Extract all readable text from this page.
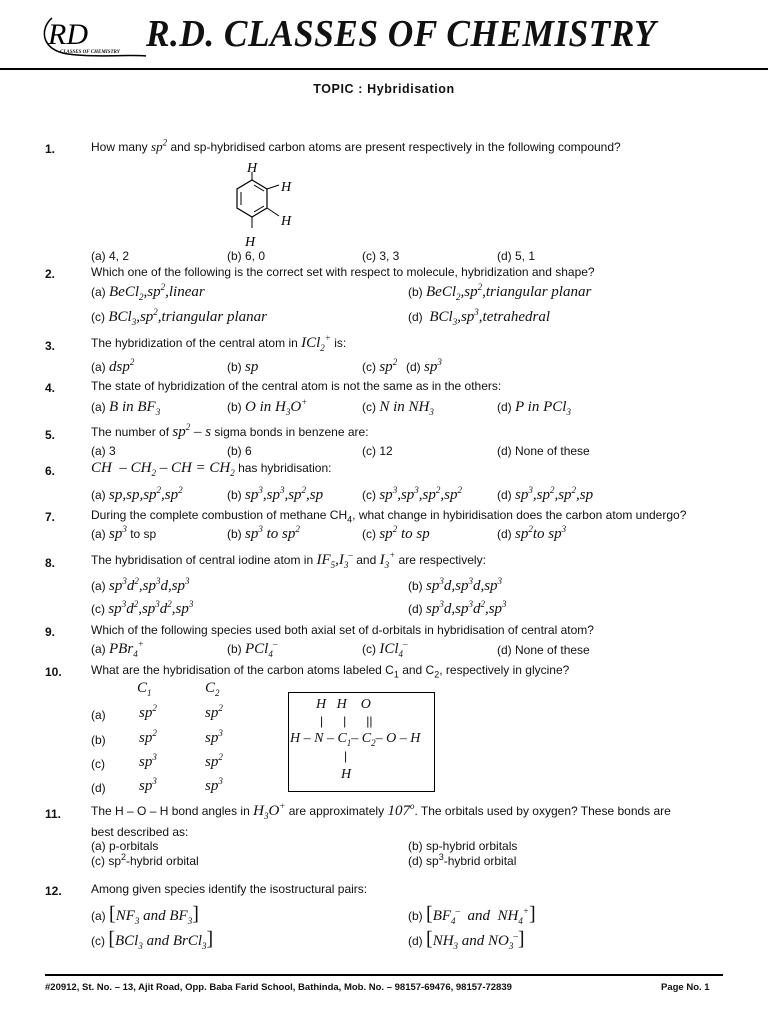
RD
CLASSES OF CHEMISTRY R.D. CLASSES OF CHEMISTRY
TOPIC : Hybridisation
1.	How many $sp^2$ and sp-hybridised carbon atoms are present respectively in the following compound?
H
H
H
H
(a) 4, 2	(b) 6, 0	(c) 3, 3	(d) 5, 1
2.	Which one of the following is the correct set with respect to molecule, hybridization and shape?
(a) $BeCl_2,sp^2,linear$	(b) $BeCl_2,sp^2,triangular$ planar
(c) $BCl_3,sp^2,triangular$ planar	(d) $BCl_3,sp^3,tetrahedral$
3.	The hybridization of the central atom in ICl$_2$+ is:
(a) dsp$^2$	(b) sp	(c) $sp^2$ (d) $sp^3$
4.	The state of hybridization of the central atom is not the same as in the others:
(a) B in $BF_3$	(b) O in $H_3O^+$	(c) N in $NH_3$	(d) P in PCl$_3$
5.	The number of $sp^2$ – s sigma bonds in benzene are:
(a) 3	(b) 6	(c) 12	(d) None of these
6. CH  – $CH_2$ – CH = $CH_2$ has hybridisation:
(a) $sp,sp,sp^2,sp^2$	(b) $sp^3,sp^3,sp^2,sp$	(c) $sp^3,sp^3,sp^2,sp^2$	(d) $sp^3,sp^2,sp^2,sp$
7.	During the complete combustion of methane $CH_4$, what change in hybiridisation does the carbon atom undergo?
(a) $sp^3$ to sp	(b) $sp^3$ to $sp^2$	(c) $sp^2$ to sp	(d) $sp^2to$ $sp^3$
8.	The hybridisation of central iodine atom in $IF_5,I_3^-$ and $I_3^+$ are respectively:
(a) $sp^3d^2,sp^3d,sp^3$	(b) $sp^3d,sp^3d,sp^3$
(c) $sp^3d^2,sp^3d^2,sp^3$	(d) $sp^3d,sp^3d^2,sp^3$
9.	Which of the following species used both axial set of d-orbitals in hybridisation of central atom?
(a) PBr$_4$+	(b) PCl$_4$–	(c) ICl$_4$–	(d) None of these
10. What are the hybridisation of the carbon atoms labeled $C_1$ and $C_2$, respectively in glycine?
$C_1$	$C_2$
(a) $sp^2$	$sp^2$
(b) $sp^2$	$sp^3$
(c) $sp^3$	$sp^2$
(d) $sp^3$	$sp^3$
H   H    O
|      |      ||
H – N – $C_1-$ $C_2-$ O – H
|
H
11. The H – O – H bond angles in $H_3O^+$ are approximately 107$^o$. The orbitals used by oxygen? These bonds are
best described as:
(a) p-orbitals	(b) sp-hybrid orbitals
(c) $sp^2$-hybrid orbital	(d) $sp^3$-hybrid orbital
12. Among given species identify the isostructural pairs:
(a) [$NF_3$ and $BF_3$]	(b) [$BF_4^-$ and  $NH_4^+$]
(c) [BCl$_3$ and BrCl$_3$]	(d) [$NH_3$ and $NO_3^-$]
#20912, St. No. – 13, Ajit Road, Opp. Baba Farid School, Bathinda, Mob. No. – 98157-69476, 98157-72839	Page No. 1
